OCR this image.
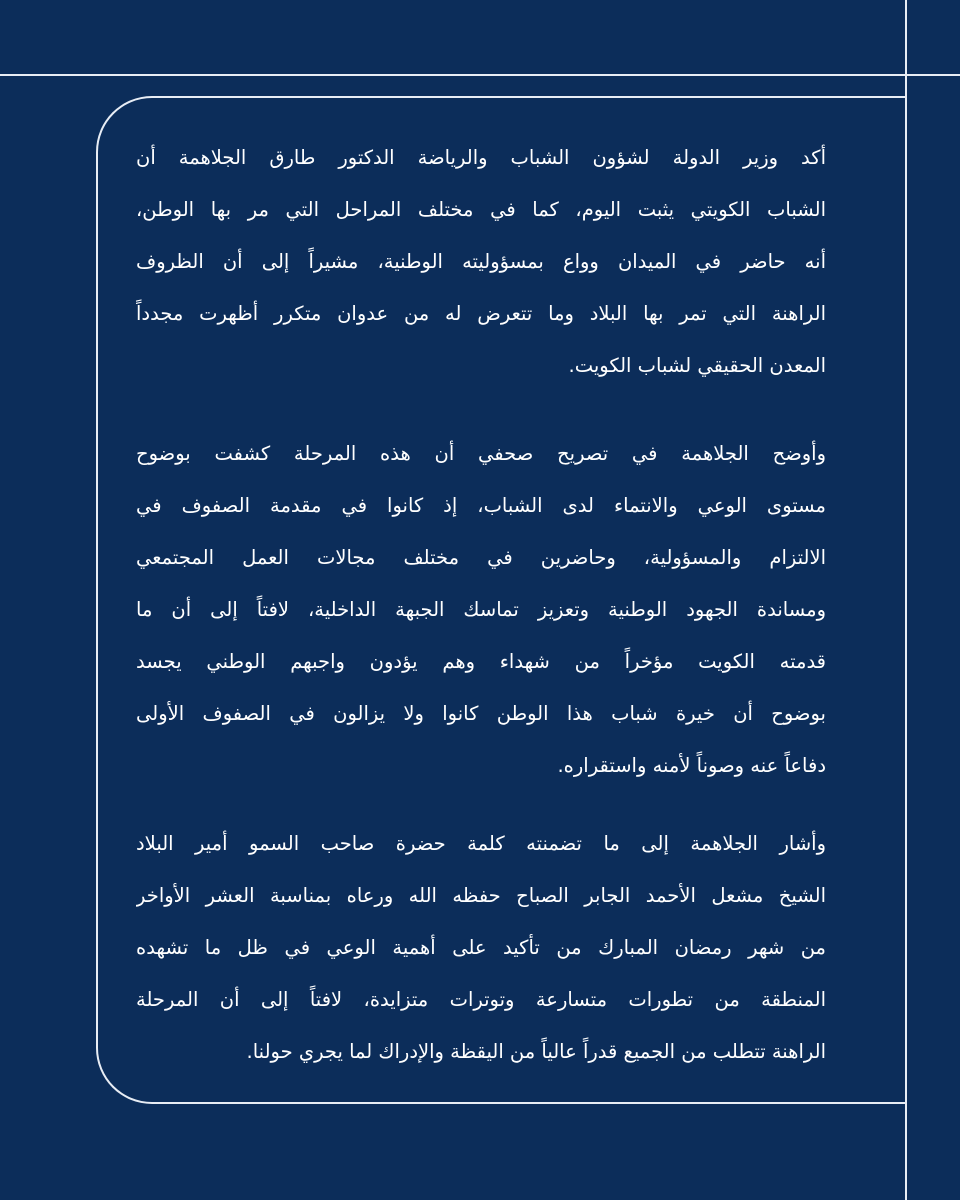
أكد وزير الدولة لشؤون الشباب والرياضة الدكتور طارق الجلاهمة أن
الشباب الكويتي يثبت اليوم، كما في مختلف المراحل التي مر بها الوطن،
أنه حاضر في الميدان وواع بمسؤوليته الوطنية، مشيراً إلى أن الظروف
الراهنة التي تمر بها البلاد وما تتعرض له من عدوان متكرر أظهرت مجدداً
المعدن الحقيقي لشباب الكويت.
وأوضح الجلاهمة في تصريح صحفي أن هذه المرحلة كشفت بوضوح
مستوى الوعي والانتماء لدى الشباب، إذ كانوا في مقدمة الصفوف في
الالتزام والمسؤولية، وحاضرين في مختلف مجالات العمل المجتمعي
ومساندة الجهود الوطنية وتعزيز تماسك الجبهة الداخلية، لافتاً إلى أن ما
قدمته الكويت مؤخراً من شهداء وهم يؤدون واجبهم الوطني يجسد
بوضوح أن خيرة شباب هذا الوطن كانوا ولا يزالون في الصفوف الأولى
دفاعاً عنه وصوناً لأمنه واستقراره.
وأشار الجلاهمة إلى ما تضمنته كلمة حضرة صاحب السمو أمير البلاد
الشيخ مشعل الأحمد الجابر الصباح حفظه الله ورعاه بمناسبة العشر الأواخر
من شهر رمضان المبارك من تأكيد على أهمية الوعي في ظل ما تشهده
المنطقة من تطورات متسارعة وتوترات متزايدة، لافتاً إلى أن المرحلة
الراهنة تتطلب من الجميع قدراً عالياً من اليقظة والإدراك لما يجري حولنا.
